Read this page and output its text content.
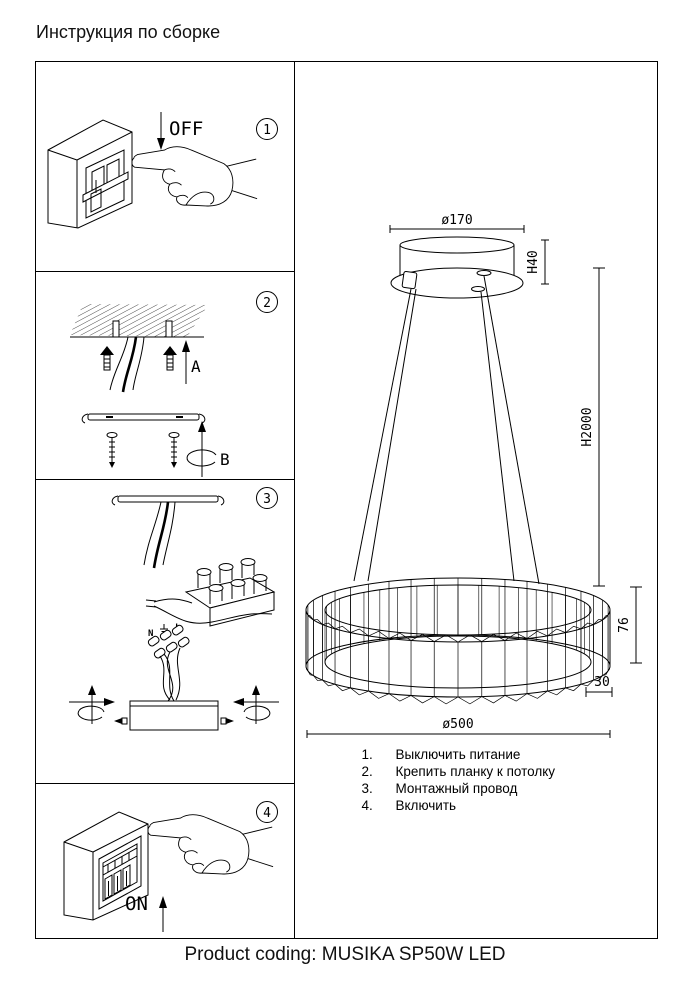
Инструкция по сборке
OFF	1
A
B
2
N
3
ON
4
ø170
H40
H2000
76
30
ø500
1.	Выключить питание
2.	Крепить планку к потолку
3.	Монтажный провод
4.	Включить
Product coding: MUSIKA SP50W LED
